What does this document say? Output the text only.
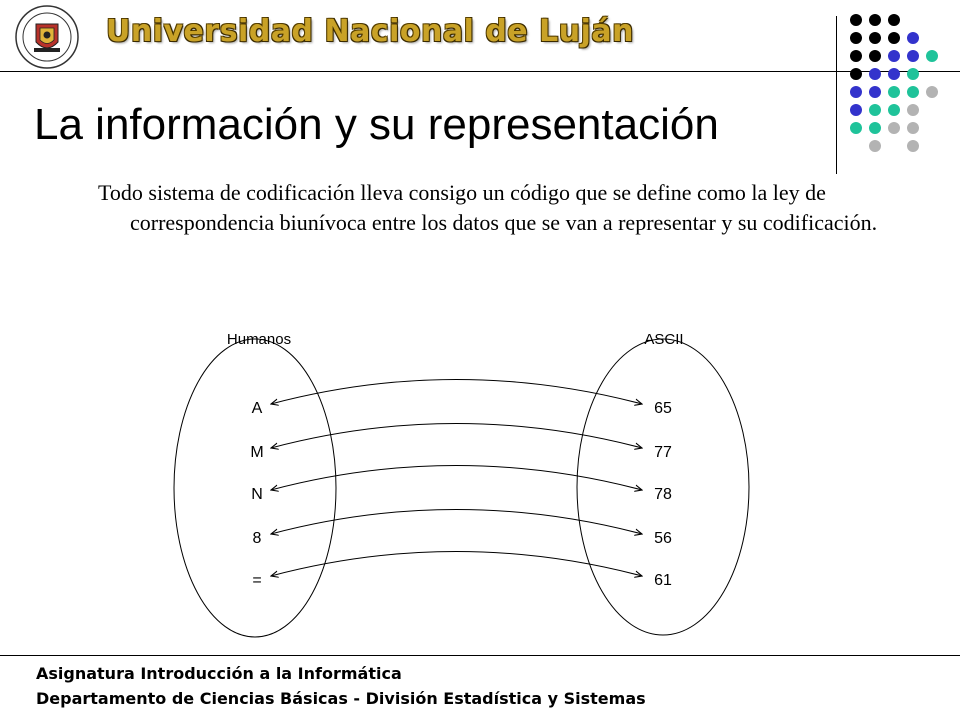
Universidad Nacional de Luján
La información y su representación

Todo sistema de codificación lleva consigo un código que se define como la ley de correspondencia biunívoca entre los datos que se van a representar y su codificación.

Humanos	ASCII
A	65
M	77
N	78
8	56
=	61

Asignatura Introducción a la Informática

Departamento de Ciencias Básicas - División Estadística y Sistemas
